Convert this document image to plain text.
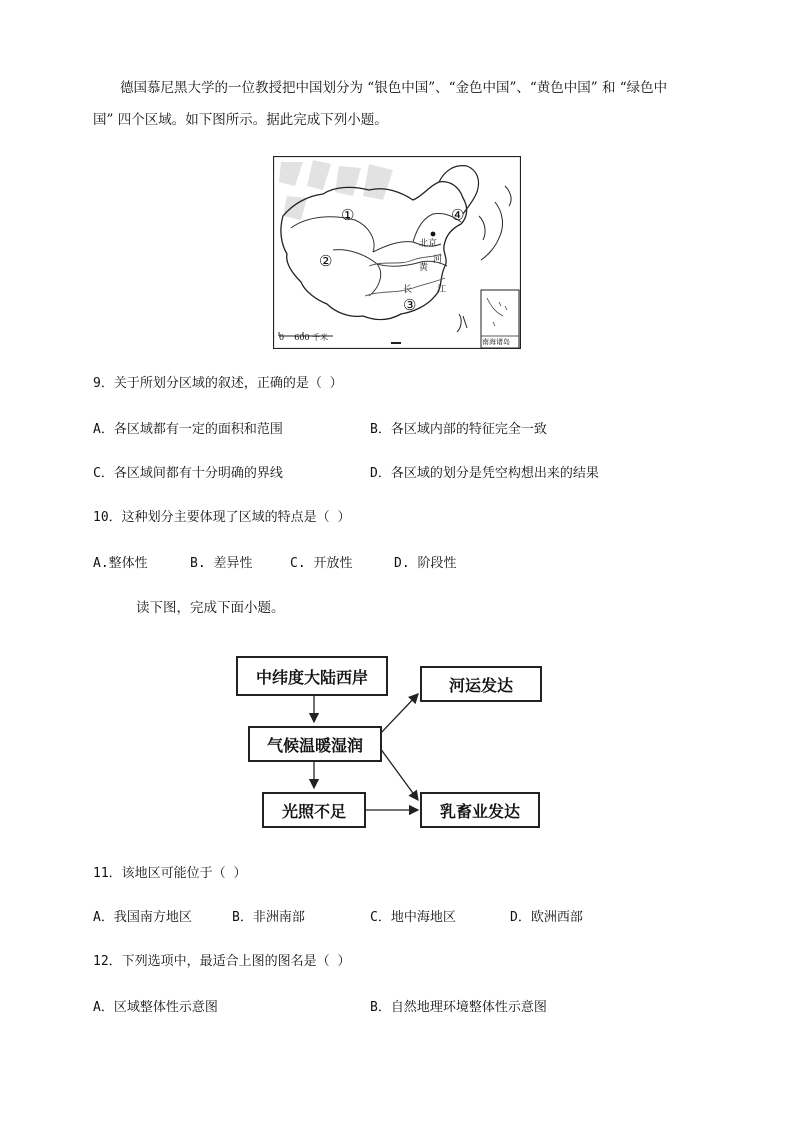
德国慕尼黑大学的一位教授把中国划分为 “银色中国”、“金色中国”、“黄色中国” 和 “绿色中
国” 四个区域。如下图所示。据此完成下列小题。
①
②
③
④
北京
黄
河
长	江
0    600 千米	南海诸岛
9．关于所划分区域的叙述，正确的是（ ）
A．各区域都有一定的面积和范围	B．各区域内部的特征完全一致
C．各区域间都有十分明确的界线	D．各区域的划分是凭空构想出来的结果
10．这种划分主要体现了区域的特点是（ ）
A.整体性	B. 差异性	C. 开放性	D. 阶段性
读下图，完成下面小题。
中纬度大陆西岸
气候温暖湿润
光照不足
河运发达
乳畜业发达
11．该地区可能位于（ ）
A．我国南方地区	B．非洲南部	C．地中海地区	D．欧洲西部
12．下列选项中，最适合上图的图名是（ ）
A．区域整体性示意图	B．自然地理环境整体性示意图
